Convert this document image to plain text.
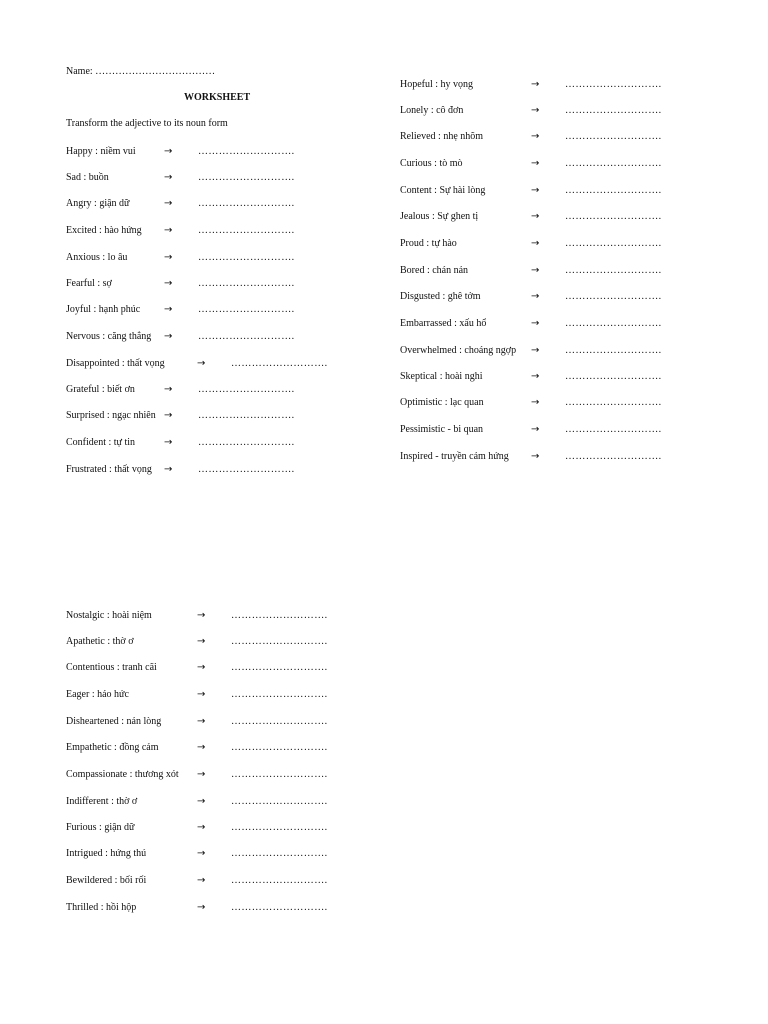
Name: ………………………………
WORKSHEET
Transform the adjective to its noun form
Happy : niềm vui	→	……………………….
Sad : buồn	→	……………………….
Angry : giận dữ	→	……………………….
Excited : hào hứng →	……………………….
Anxious : lo âu	→	……………………….
Fearful : sợ	→	……………………….
Joyful : hạnh phúc →	……………………….
Nervous : căng thẳng →	……………………….
Disappointed : thất vọng	→	……………………….
Grateful : biết ơn	→	……………………….
Surprised : ngạc nhiên →	……………………….
Confident : tự tin	→	……………………….
Frustrated : thất vọng →	……………………….
Hopeful : hy vọng	→	……………………….
Lonely : cô đơn	→	……………………….
Relieved : nhẹ nhõm	→	……………………….
Curious : tò mò	→	……………………….
Content : Sự hài lòng	→	……………………….
Jealous : Sự ghen tị	→	……………………….
Proud : tự hào	→	……………………….
Bored : chán nản	→	……………………….
Disgusted : ghê tởm	→	……………………….
Embarrassed : xấu hổ	→	……………………….
Overwhelmed : choáng ngợp →	……………………….
Skeptical : hoài nghi	→	……………………….
Optimistic : lạc quan	→	……………………….
Pessimistic - bi quan	→	……………………….
Inspired - truyền cảm hứng →	……………………….
Nostalgic : hoài niệm	→	……………………….
Apathetic : thờ ơ	→	……………………….
Contentious : tranh cãi	→	……………………….
Eager : háo hức	→	……………………….
Disheartened : nản lòng	→	……………………….
Empathetic : đồng cảm	→	……………………….
Compassionate : thương xót →	……………………….
Indifferent : thờ ơ	→	……………………….
Furious : giận dữ	→	……………………….
Intrigued : hứng thú	→	……………………….
Bewildered : bối rối	→	……………………….
Thrilled : hồi hộp	→	……………………….
